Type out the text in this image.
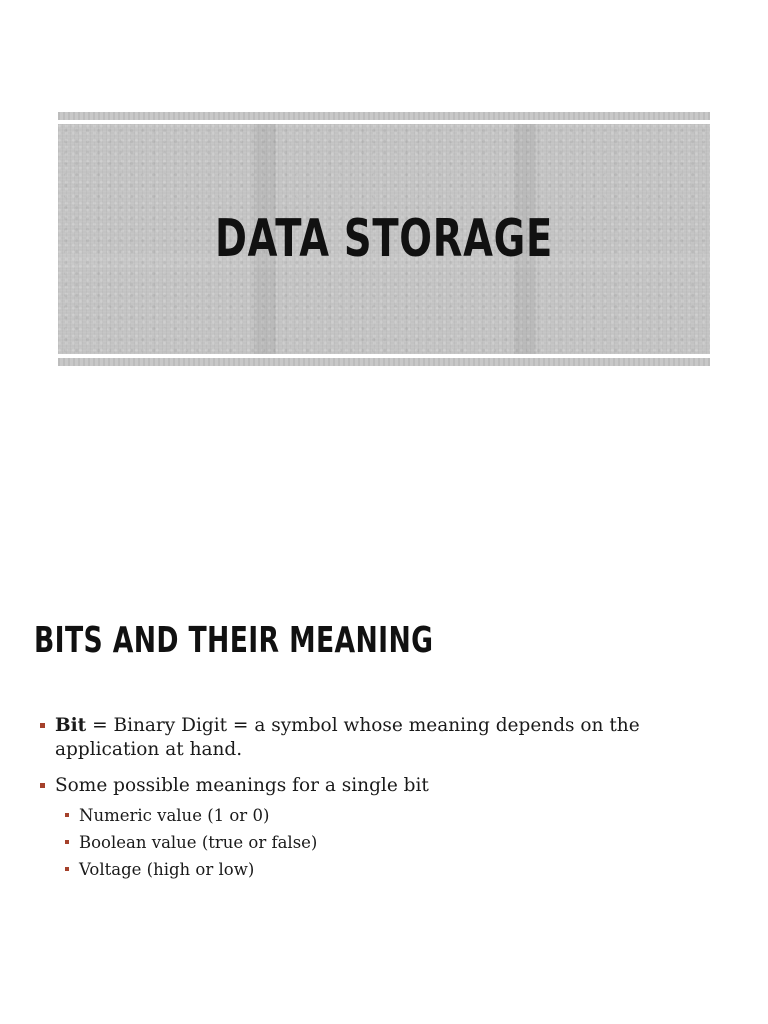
DATA STORAGE
BITS AND THEIR MEANING
Bit = Binary Digit = a symbol whose meaning depends on the application at hand.
Some possible meanings for a single bit
Numeric value (1 or 0)
Boolean value (true or false)
Voltage (high or low)
